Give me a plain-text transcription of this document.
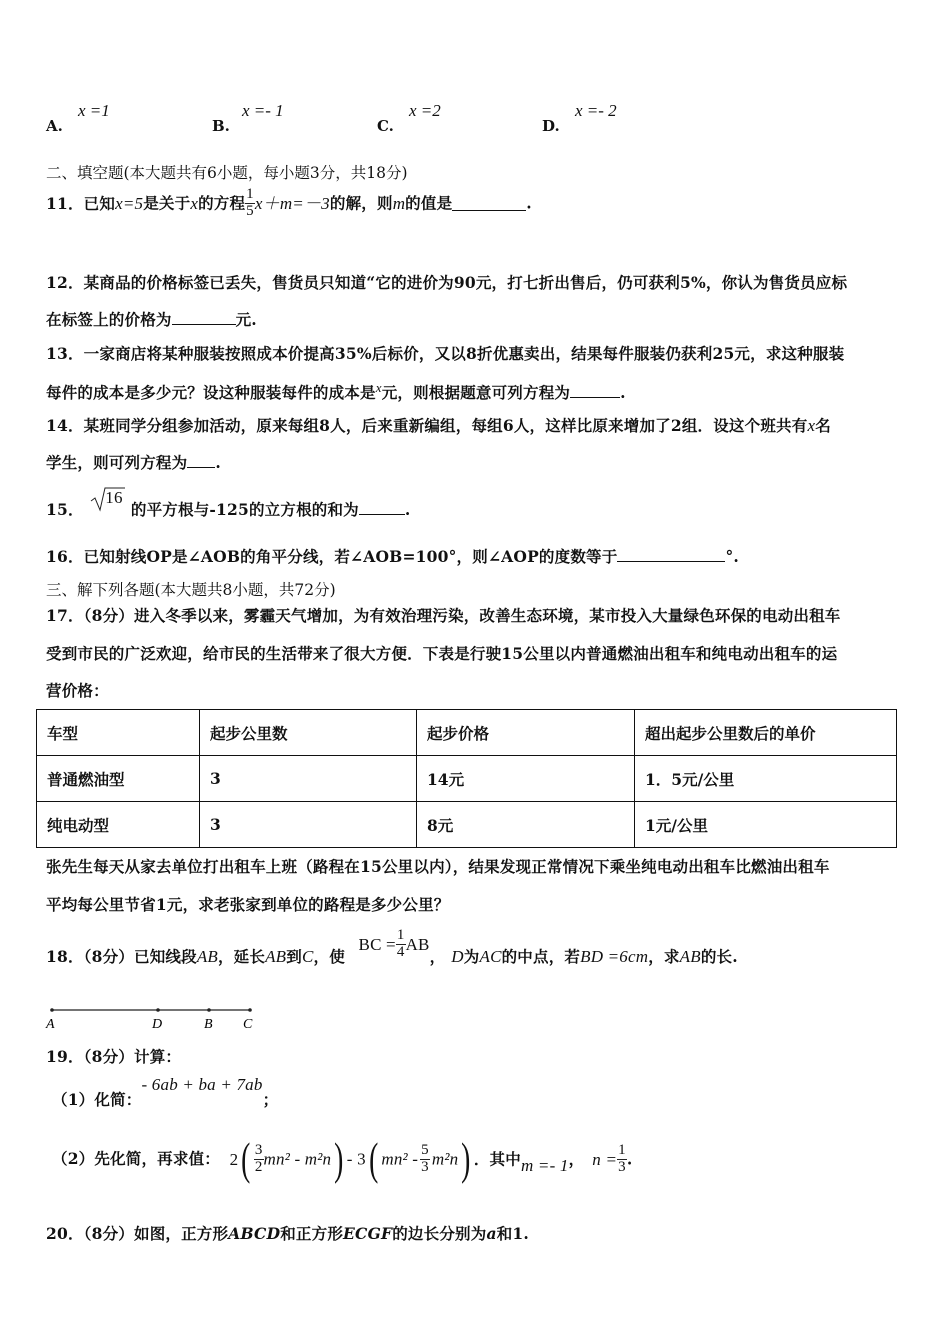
A.
x =1
B.
x =- 1
C.
x =2
D.
x =- 2
二、填空题(本大题共有6小题，每小题3分，共18分)
11．已知x=5是关于x的方程 $\frac{1}{5} x+m=-3$的解，则m的值是	.
12．某商品的价格标签已丢失，售货员只知道“它的进价为90元，打七折出售后，仍可获利5%，你认为售货员应标
在标签上的价格为	元.
13．一家商店将某种服装按照成本价提高35%后标价，又以8折优惠卖出，结果每件服装仍获利25元，求这种服装
每件的成本是多少元？设这种服装每件的成本是$^x$元，则根据题意可列方程为	.
14．某班同学分组参加活动，原来每组8人，后来重新编组，每组6人，这样比原来增加了2组．设这个班共有x名
学生，则可列方程为 .
15．
16
的平方根与-125的立方根的和为	.
16．已知射线OP是∠AOB的角平分线，若∠AOB=100°，则∠AOP的度数等于	°.
三、解下列各题(本大题共8小题，共72分)
17．（8分）进入冬季以来，雾霾天气增加，为有效治理污染，改善生态环境，某市投入大量绿色环保的电动出租车
受到市民的广泛欢迎，给市民的生活带来了很大方便．下表是行驶15公里以内普通燃油出租车和纯电动出租车的运
营价格：
车型	起步公里数	起步价格	超出起步公里数后的单价
普通燃油型	3	14元	1．5元/公里
纯电动型	3	8元	1元/公里
张先生每天从家去单位打出租车上班（路程在15公里以内），结果发现正常情况下乘坐纯电动出租车比燃油出租车
平均每公里节省1元，求老张家到单位的路程是多少公里？
18．（8分）已知线段AB，延长AB到C，使 BC = $\frac{1}{4}$ AB， D为AC的中点，若BD =6cm，求AB的长.
A	D	B C
19．（8分）计算：
（1）化简：- 6ab + ba + 7ab；
（2）先化简，再求值： $2( \frac{3}{2} mn^2 - m^2n) - 3$( $mn^2 - \frac{5}{3} m^2n$) ．其中m =- 1， $n = \frac{1}{3}$ .
20．（8分）如图，正方形ABCD和正方形ECGF的边长分别为a和1.
